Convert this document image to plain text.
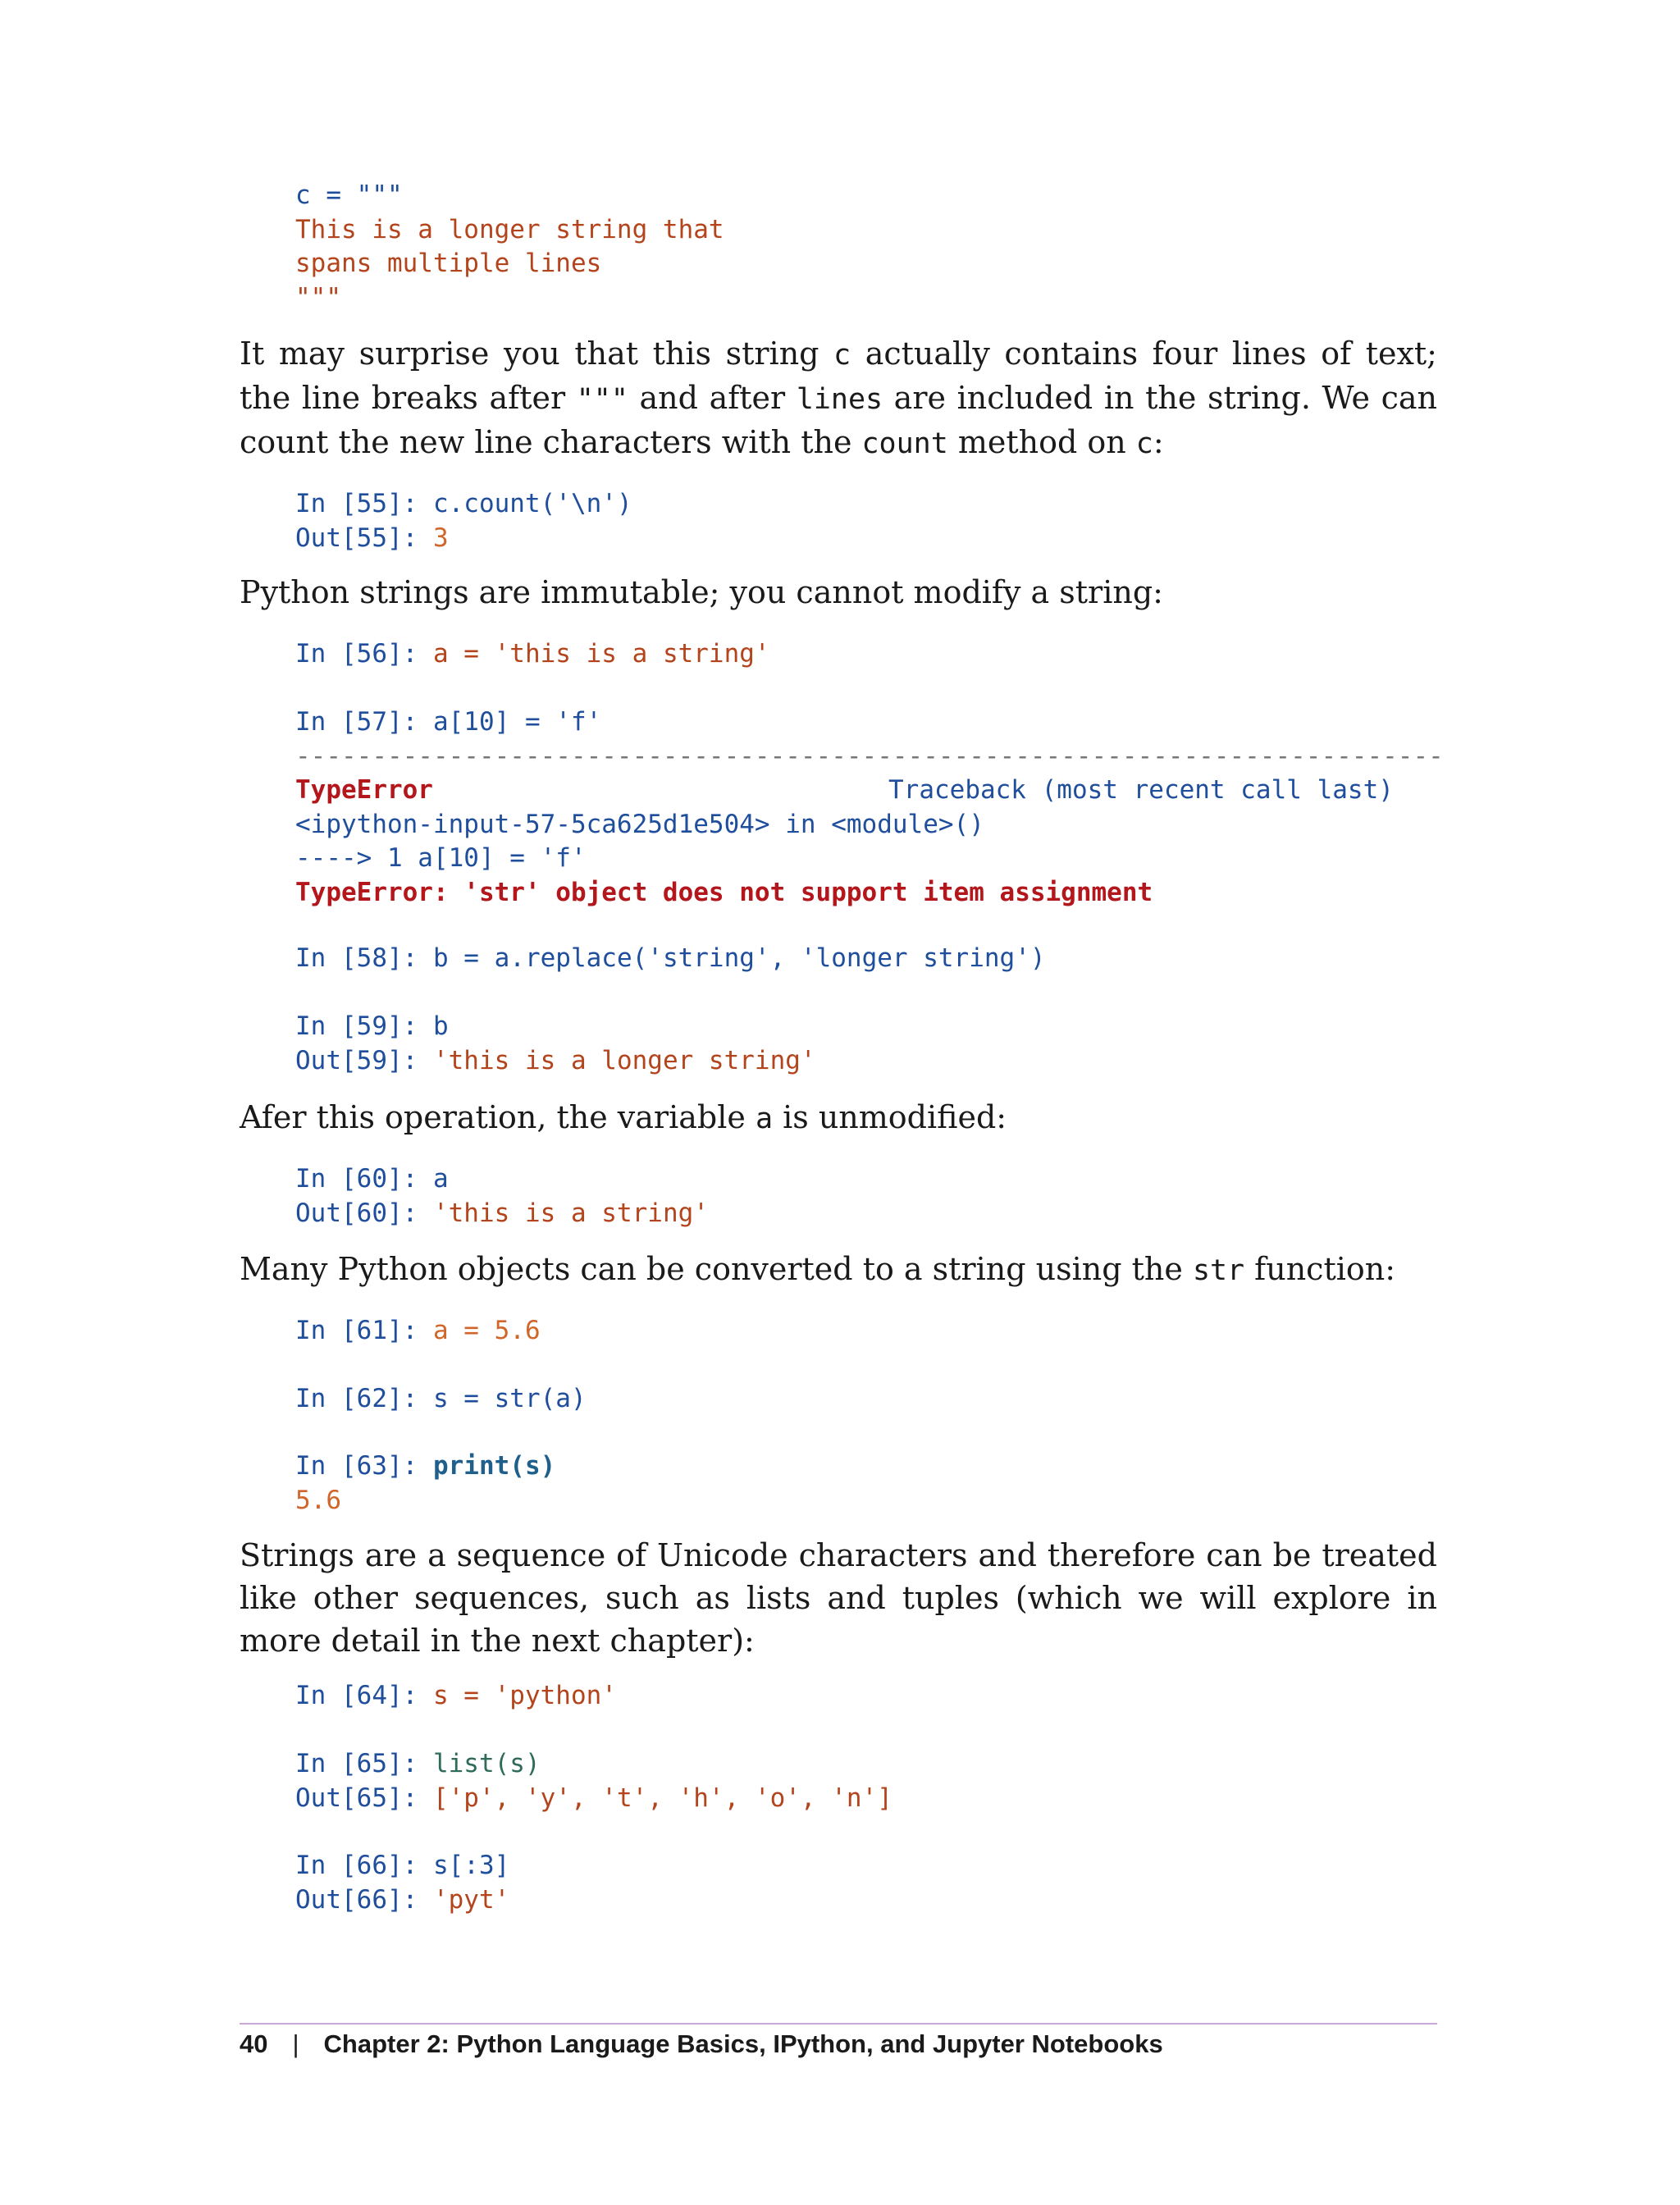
c = """
This is a longer string that
spans multiple lines
"""

It may surprise you that this string c actually contains four lines of text; the line breaks after """ and after lines are included in the string. We can count the new line characters with the count method on c:

In [55]: c.count('\n')
Out[55]: 3

Python strings are immutable; you cannot modify a string:

In [56]: a = 'this is a string'
In [57]: a[10] = 'f'
---------------------------------------------------------------------------
TypeError	Traceback (most recent call last)
<ipython-input-57-5ca625d1e504> in <module>()
----> 1 a[10] = 'f'
TypeError: 'str' object does not support item assignment
In [58]: b = a.replace('string', 'longer string')
In [59]: b
Out[59]: 'this is a longer string'

Afer this operation, the variable a is unmodified:

In [60]: a
Out[60]: 'this is a string'

Many Python objects can be converted to a string using the str function:

In [61]: a = 5.6
In [62]: s = str(a)
In [63]: print(s)
5.6

Strings are a sequence of Unicode characters and therefore can be treated like other sequences, such as lists and tuples (which we will explore in more detail in the next chapter):

In [64]: s = 'python'
In [65]: list(s)
Out[65]: ['p', 'y', 't', 'h', 'o', 'n']
In [66]: s[:3]
Out[66]: 'pyt'
40 | Chapter 2: Python Language Basics, IPython, and Jupyter Notebooks
